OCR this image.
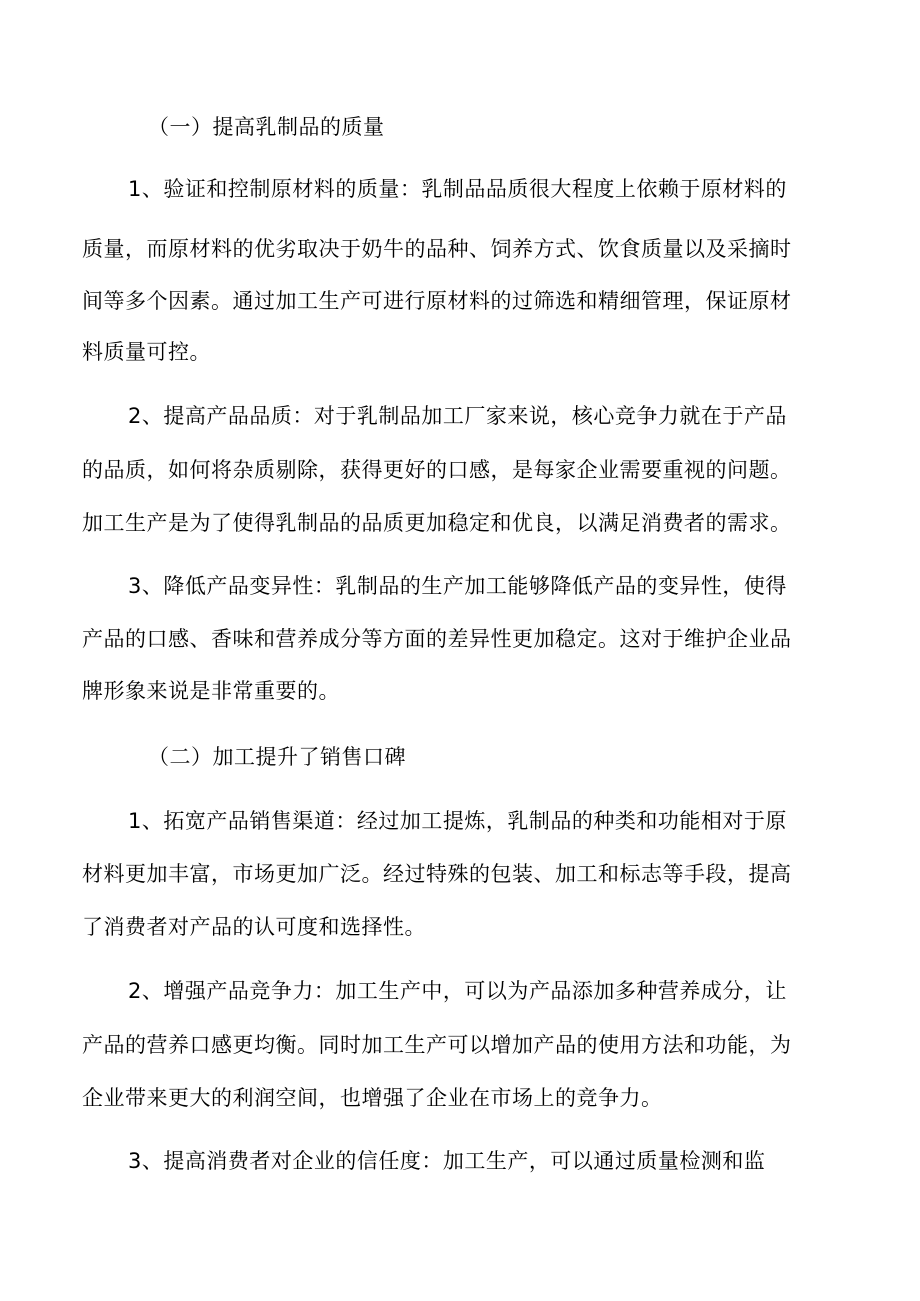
（一）提高乳制品的质量
1、验证和控制原材料的质量：乳制品品质很大程度上依赖于原材料的
质量，而原材料的优劣取决于奶牛的品种、饲养方式、饮食质量以及采摘时
间等多个因素。通过加工生产可进行原材料的过筛选和精细管理，保证原材
料质量可控。
2、提高产品品质：对于乳制品加工厂家来说，核心竞争力就在于产品
的品质，如何将杂质剔除，获得更好的口感，是每家企业需要重视的问题。
加工生产是为了使得乳制品的品质更加稳定和优良，以满足消费者的需求。
3、降低产品变异性：乳制品的生产加工能够降低产品的变异性，使得
产品的口感、香味和营养成分等方面的差异性更加稳定。这对于维护企业品
牌形象来说是非常重要的。
（二）加工提升了销售口碑
1、拓宽产品销售渠道：经过加工提炼，乳制品的种类和功能相对于原
材料更加丰富，市场更加广泛。经过特殊的包装、加工和标志等手段，提高
了消费者对产品的认可度和选择性。
2、增强产品竞争力：加工生产中，可以为产品添加多种营养成分，让
产品的营养口感更均衡。同时加工生产可以增加产品的使用方法和功能，为
企业带来更大的利润空间，也增强了企业在市场上的竞争力。
3、提高消费者对企业的信任度：加工生产，可以通过质量检测和监
